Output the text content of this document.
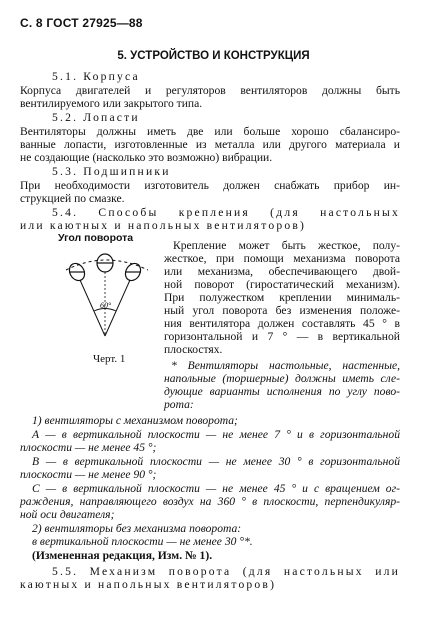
С. 8 ГОСТ 27925—88
5. УСТРОЙСТВО И КОНСТРУКЦИЯ
5.1. Корпуса
Корпуса двигателей и регуляторов вентиляторов должны быть
вентилируемого или закрытого типа.
5.2. Лопасти
Вентиляторы должны иметь две или больше хорошо сбалансиро-
ванные лопасти, изготовленные из металла или другого материала и
не создающие (насколько это возможно) вибрации.
5.3. Подшипники
При необходимости изготовитель должен снабжать прибор ин-
струкцией по смазке.
5.4. Способы крепления (для настольных
или каютных и напольных вентиляторов)
Крепление может быть жесткое, полу-
жесткое, при помощи механизма поворота
или механизма, обеспечивающего двой-
ной поворот (гиростатический механизм).
При полужестком креплении минималь-
ный угол поворота без изменения положе-
ния вентилятора должен составлять 45 ° в
горизонтальной и 7 ° — в вертикальной
плоскостях.
* Вентиляторы настольные, настенные,
напольные (торшерные) должны иметь сле-
дующие варианты исполнения по углу пово-
рота:
1) вентиляторы с механизмом поворота;
А — в вертикальной плоскости — не менее 7 ° и в горизонтальной
плоскости — не менее 45 °;
В — в вертикальной плоскости — не менее 30 ° в горизонтальной
плоскости — не менее 90 °;
С — в вертикальной плоскости — не менее 45 ° и с вращением ог-
раждения, направляющего воздух на 360 ° в плоскости, перпендикуляр-
ной оси двигателя;
2) вентиляторы без механизма поворота:
в вертикальной плоскости — не менее 30 °*.
(Измененная редакция, Изм. № 1).
5.5. Механизм поворота (для настольных или
каютных и напольных вентиляторов)
Угол поворота
60°
Черт. 1
